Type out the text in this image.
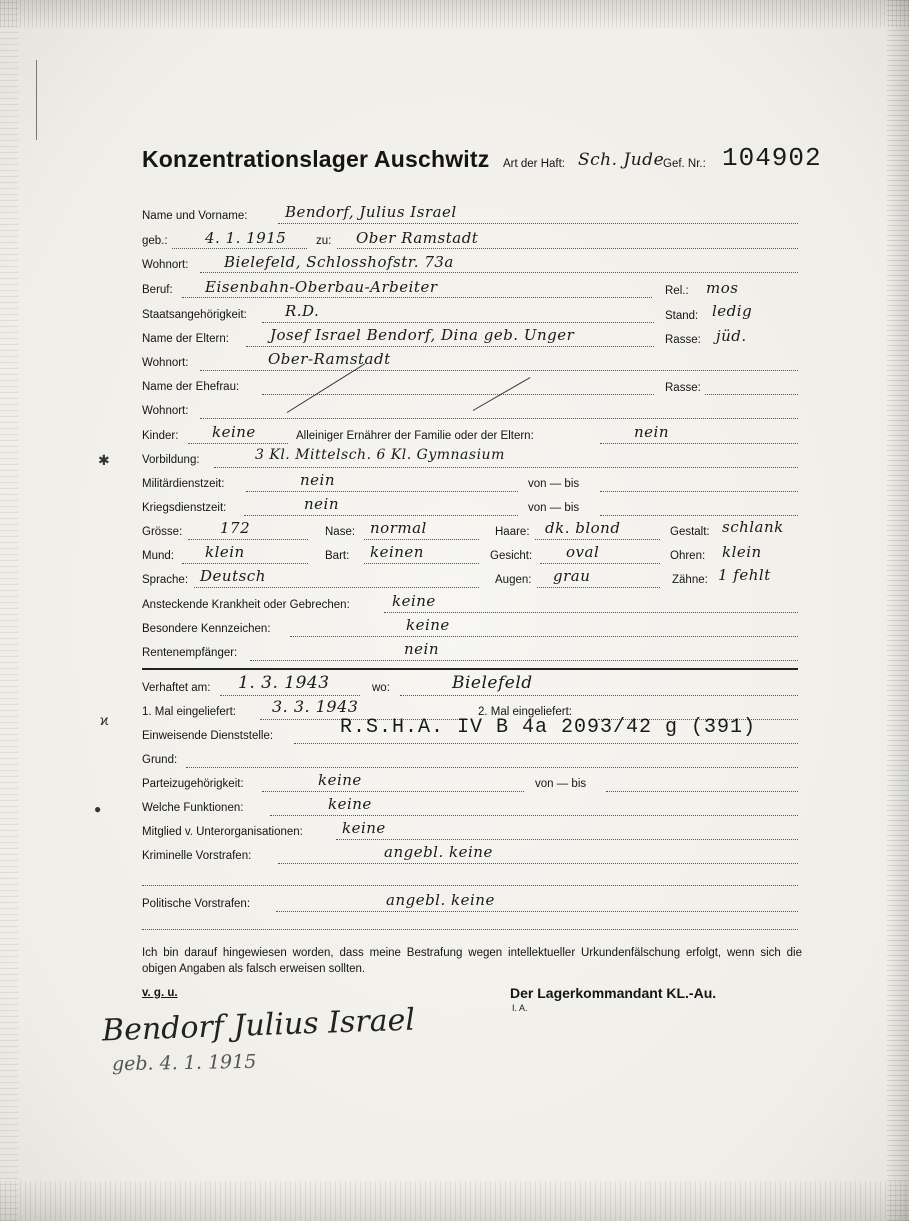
✱
ϰ
●
Konzentrationslager Auschwitz Art der Haft: Sch. Jude
Gef. Nr.: 104902
Name und Vorname:	Bendorf, Julius Israel
geb.: 4. 1. 1915	zu: Ober Ramstadt
Wohnort: Bielefeld, Schlosshofstr. 73a
Beruf: Eisenbahn-Oberbau-Arbeiter	Rel.: mos
Staatsangehörigkeit:	R.D.	Stand: ledig
Name der Eltern:	Josef Israel Bendorf, Dina geb. Unger	Rasse: jüd.
Wohnort:	Ober-Ramstadt
Name der Ehefrau:	Rasse:
Wohnort:
Kinder: keine	Alleiniger Ernährer der Familie oder der Eltern:	nein
Vorbildung:	3 Kl. Mittelsch. 6 Kl. Gymnasium
Militärdienstzeit:	nein	von — bis
Kriegsdienstzeit:	nein	von — bis
Grösse:	172	Nase: normal	Haare: dk. blond	Gestalt: schlank
Mund: klein	Bart: keinen	Gesicht: oval	Ohren: klein
Sprache: Deutsch	Augen: grau	Zähne: 1 fehlt
Ansteckende Krankheit oder Gebrechen:	keine
Besondere Kennzeichen:	keine
Rentenempfänger:	nein
Verhaftet am: 1. 3. 1943	wo:	Bielefeld
1. Mal eingeliefert: 3. 3. 1943	2. Mal eingeliefert:
Einweisende Dienststelle:	R.S.H.A. IV B 4a 2093/42 g (391)
Grund:
Parteizugehörigkeit:	keine	von — bis
Welche Funktionen:	keine
Mitglied v. Unterorganisationen:	keine
Kriminelle Vorstrafen:	angebl. keine
Politische Vorstrafen:	angebl. keine
Ich bin darauf hingewiesen worden, dass meine Bestrafung wegen intellektueller Urkundenfälschung erfolgt, wenn sich die obigen Angaben als falsch erweisen sollten.
v. g. u.	Der Lagerkommandant KL.-Au.
I. A.
Bendorf Julius Israel
geb. 4. 1. 1915
